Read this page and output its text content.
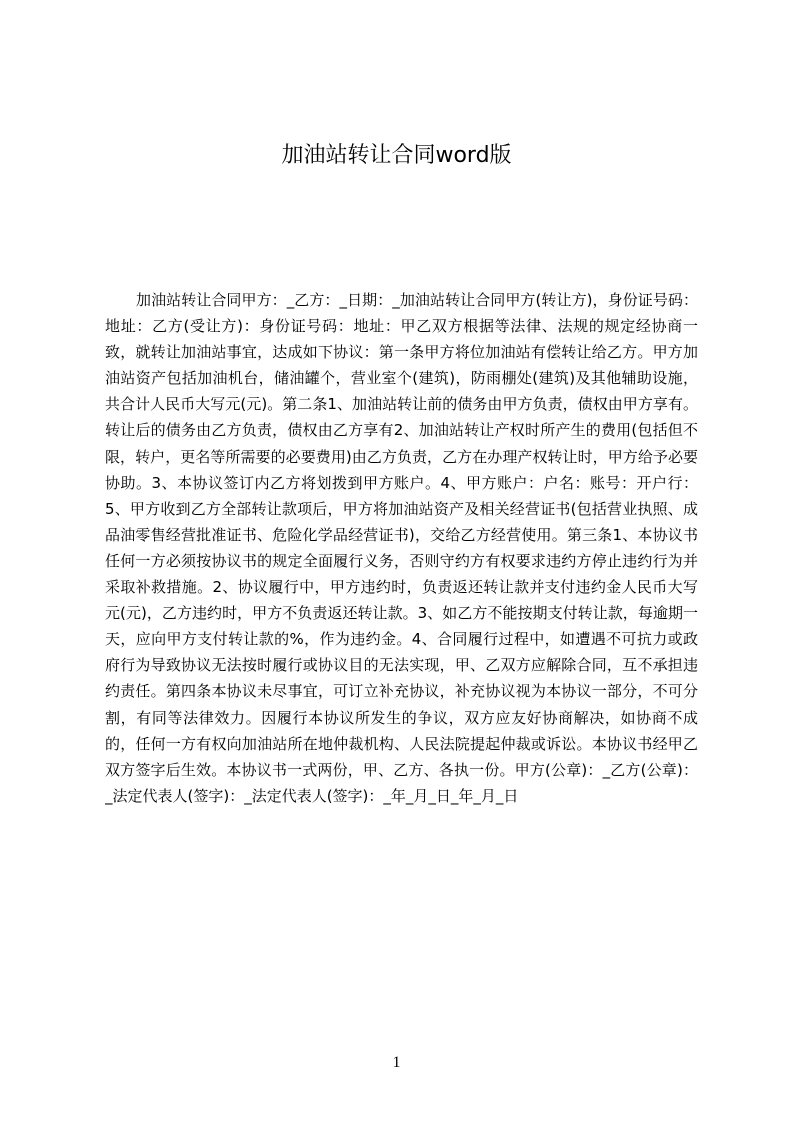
加油站转让合同word版

加油站转让合同甲方：_乙方：_日期：_加油站转让合同甲方(转让方)，身份证号码：地址：乙方(受让方)：身份证号码：地址：甲乙双方根据等法律、法规的规定经协商一致，就转让加油站事宜，达成如下协议：第一条甲方将位加油站有偿转让给乙方。甲方加油站资产包括加油机台，储油罐个，营业室个(建筑)，防雨棚处(建筑)及其他辅助设施，共合计人民币大写元(元)。第二条1、加油站转让前的债务由甲方负责，债权由甲方享有。转让后的债务由乙方负责，债权由乙方享有2、加油站转让产权时所产生的费用(包括但不限，转户，更名等所需要的必要费用)由乙方负责，乙方在办理产权转让时，甲方给予必要协助。3、本协议签订内乙方将划拨到甲方账户。4、甲方账户：户名：账号：开户行：5、甲方收到乙方全部转让款项后，甲方将加油站资产及相关经营证书(包括营业执照、成品油零售经营批准证书、危险化学品经营证书)，交给乙方经营使用。第三条1、本协议书任何一方必须按协议书的规定全面履行义务，否则守约方有权要求违约方停止违约行为并采取补救措施。2、协议履行中，甲方违约时，负责返还转让款并支付违约金人民币大写元(元)，乙方违约时，甲方不负责返还转让款。3、如乙方不能按期支付转让款，每逾期一天，应向甲方支付转让款的%，作为违约金。4、合同履行过程中，如遭遇不可抗力或政府行为导致协议无法按时履行或协议目的无法实现，甲、乙双方应解除合同，互不承担违约责任。第四条本协议未尽事宜，可订立补充协议，补充协议视为本协议一部分，不可分割，有同等法律效力。因履行本协议所发生的争议，双方应友好协商解决，如协商不成的，任何一方有权向加油站所在地仲裁机构、人民法院提起仲裁或诉讼。本协议书经甲乙双方签字后生效。本协议书一式两份，甲、乙方、各执一份。甲方(公章)：_乙方(公章)：_法定代表人(签字)：_法定代表人(签字)：_年_月_日_年_月_日

1
